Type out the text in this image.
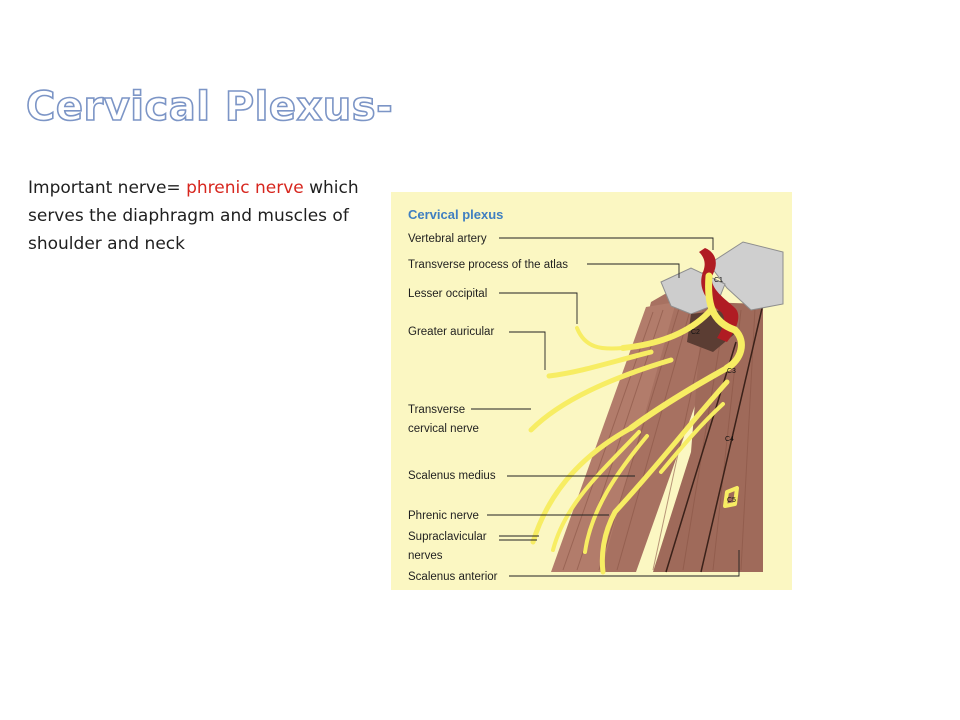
Cervical Plexus-
Important nerve= phrenic nerve which serves the diaphragm and muscles of shoulder and neck
Cervical plexus
Vertebral artery
Transverse process of the atlas
Lesser occipital
Greater auricular
Transverse
cervical nerve
Scalenus medius
Phrenic nerve
Supraclavicular
nerves
Scalenus anterior
C1
C2
C3
C4
C5
